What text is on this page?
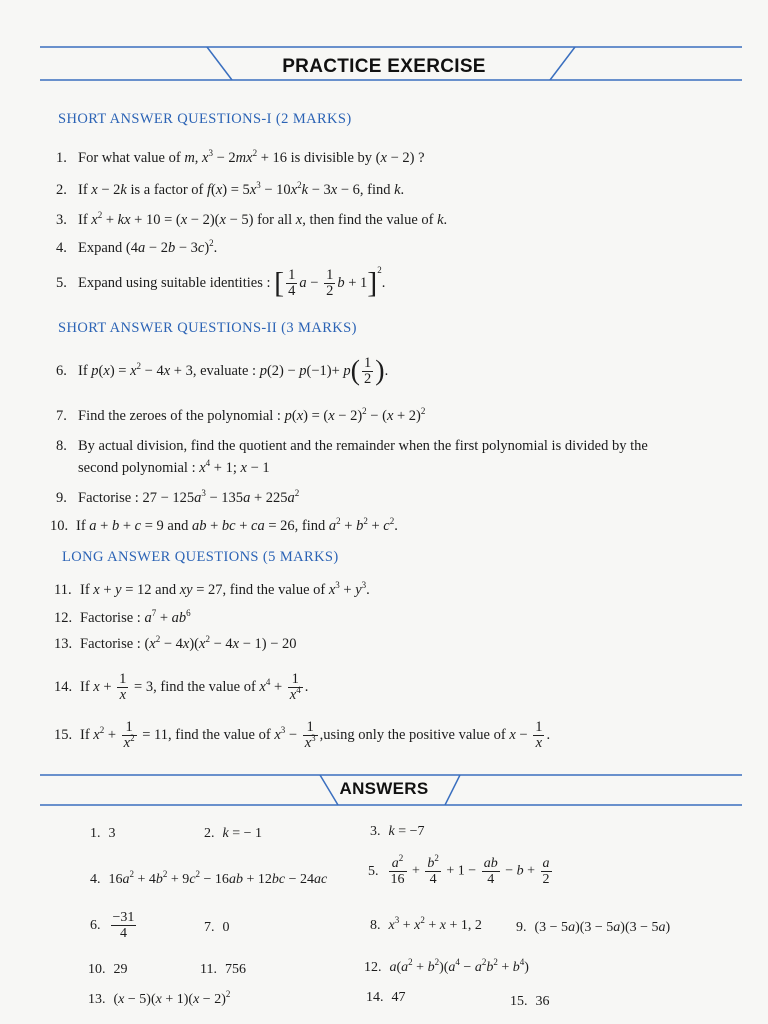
PRACTICE EXERCISE
SHORT ANSWER QUESTIONS-I (2 MARKS)
1. For what value of m, $x^3 - 2mx^2 + 16$ is divisible by (x − 2) ?
2. If x − 2k is a factor of $f(x) = 5x^3 - 10x^2k - 3x - 6$, find k.
3. If $x^2$ + kx + 10 = (x − 2)(x − 5) for all x, then find the value of k.
4. Expand $(4a - 2b - 3c)^2$.
5. Expand using suitable identities : [ $\frac{1}{4}$ $a - \frac{1}{2}$ b + 1]$^2$.
SHORT ANSWER QUESTIONS-II (3 MARKS)
6. If $p(x) = x^2 - 4x + 3$, evaluate : $p(2) - p(-1)+ p( \frac{1}{2}$ ).
7. Find the zeroes of the polynomial : $p(x) = (x - 2)^2 - (x + 2)^2$
8. By actual division, find the quotient and the remainder when the first polynomial is divided by the
second polynomial : $x^4 + 1$; x − 1
9. Factorise : $27 - 125a^3 - 135a + 225a^2$
10. If a + b + c = 9 and ab + bc + ca = 26, find $a^2 + b^2 + c^2$.
LONG ANSWER QUESTIONS (5 MARKS)
11. If x + y = 12 and xy = 27, find the value of $x^3 + y^3$.
12. Factorise : $a^7 + ab^6$
13. Factorise : $(x^2 - 4x)(x^2 - 4x - 1) - 20$
14. If $x + \frac{1}{x} = 3$, find the value of $x^4 + \frac{1}{x^4}$ .
15. If $x^2 + \frac{1}{x^2} = 11$, find the value of $x^3 - \frac{1}{x^3} ,using$ only the positive value of $x - \frac{1}{x}$ .
ANSWERS
1. 3	2. k = − 1	3. k = −7
4. $16a^2 + 4b^2 + 9c^2 - 16ab + 12bc - 24ac$
5. $\frac{a^2}{16} + \frac{b^2}{4} + 1 - \frac{ab}{4} - b + \frac{a}{2}$
6. $\frac{-31}{4}$	7. 0	8. $x^3 + x^2 + x + 1$, 2 9. (3 − 5a)(3 − 5a)(3 − 5a)
10. 29	11. 756	12. $a(a^2 + b^2)(a^4 - a^2b^2 + b^4)$
13. $(x - 5)(x + 1)(x - 2)^2$	14. 47	15. 36
